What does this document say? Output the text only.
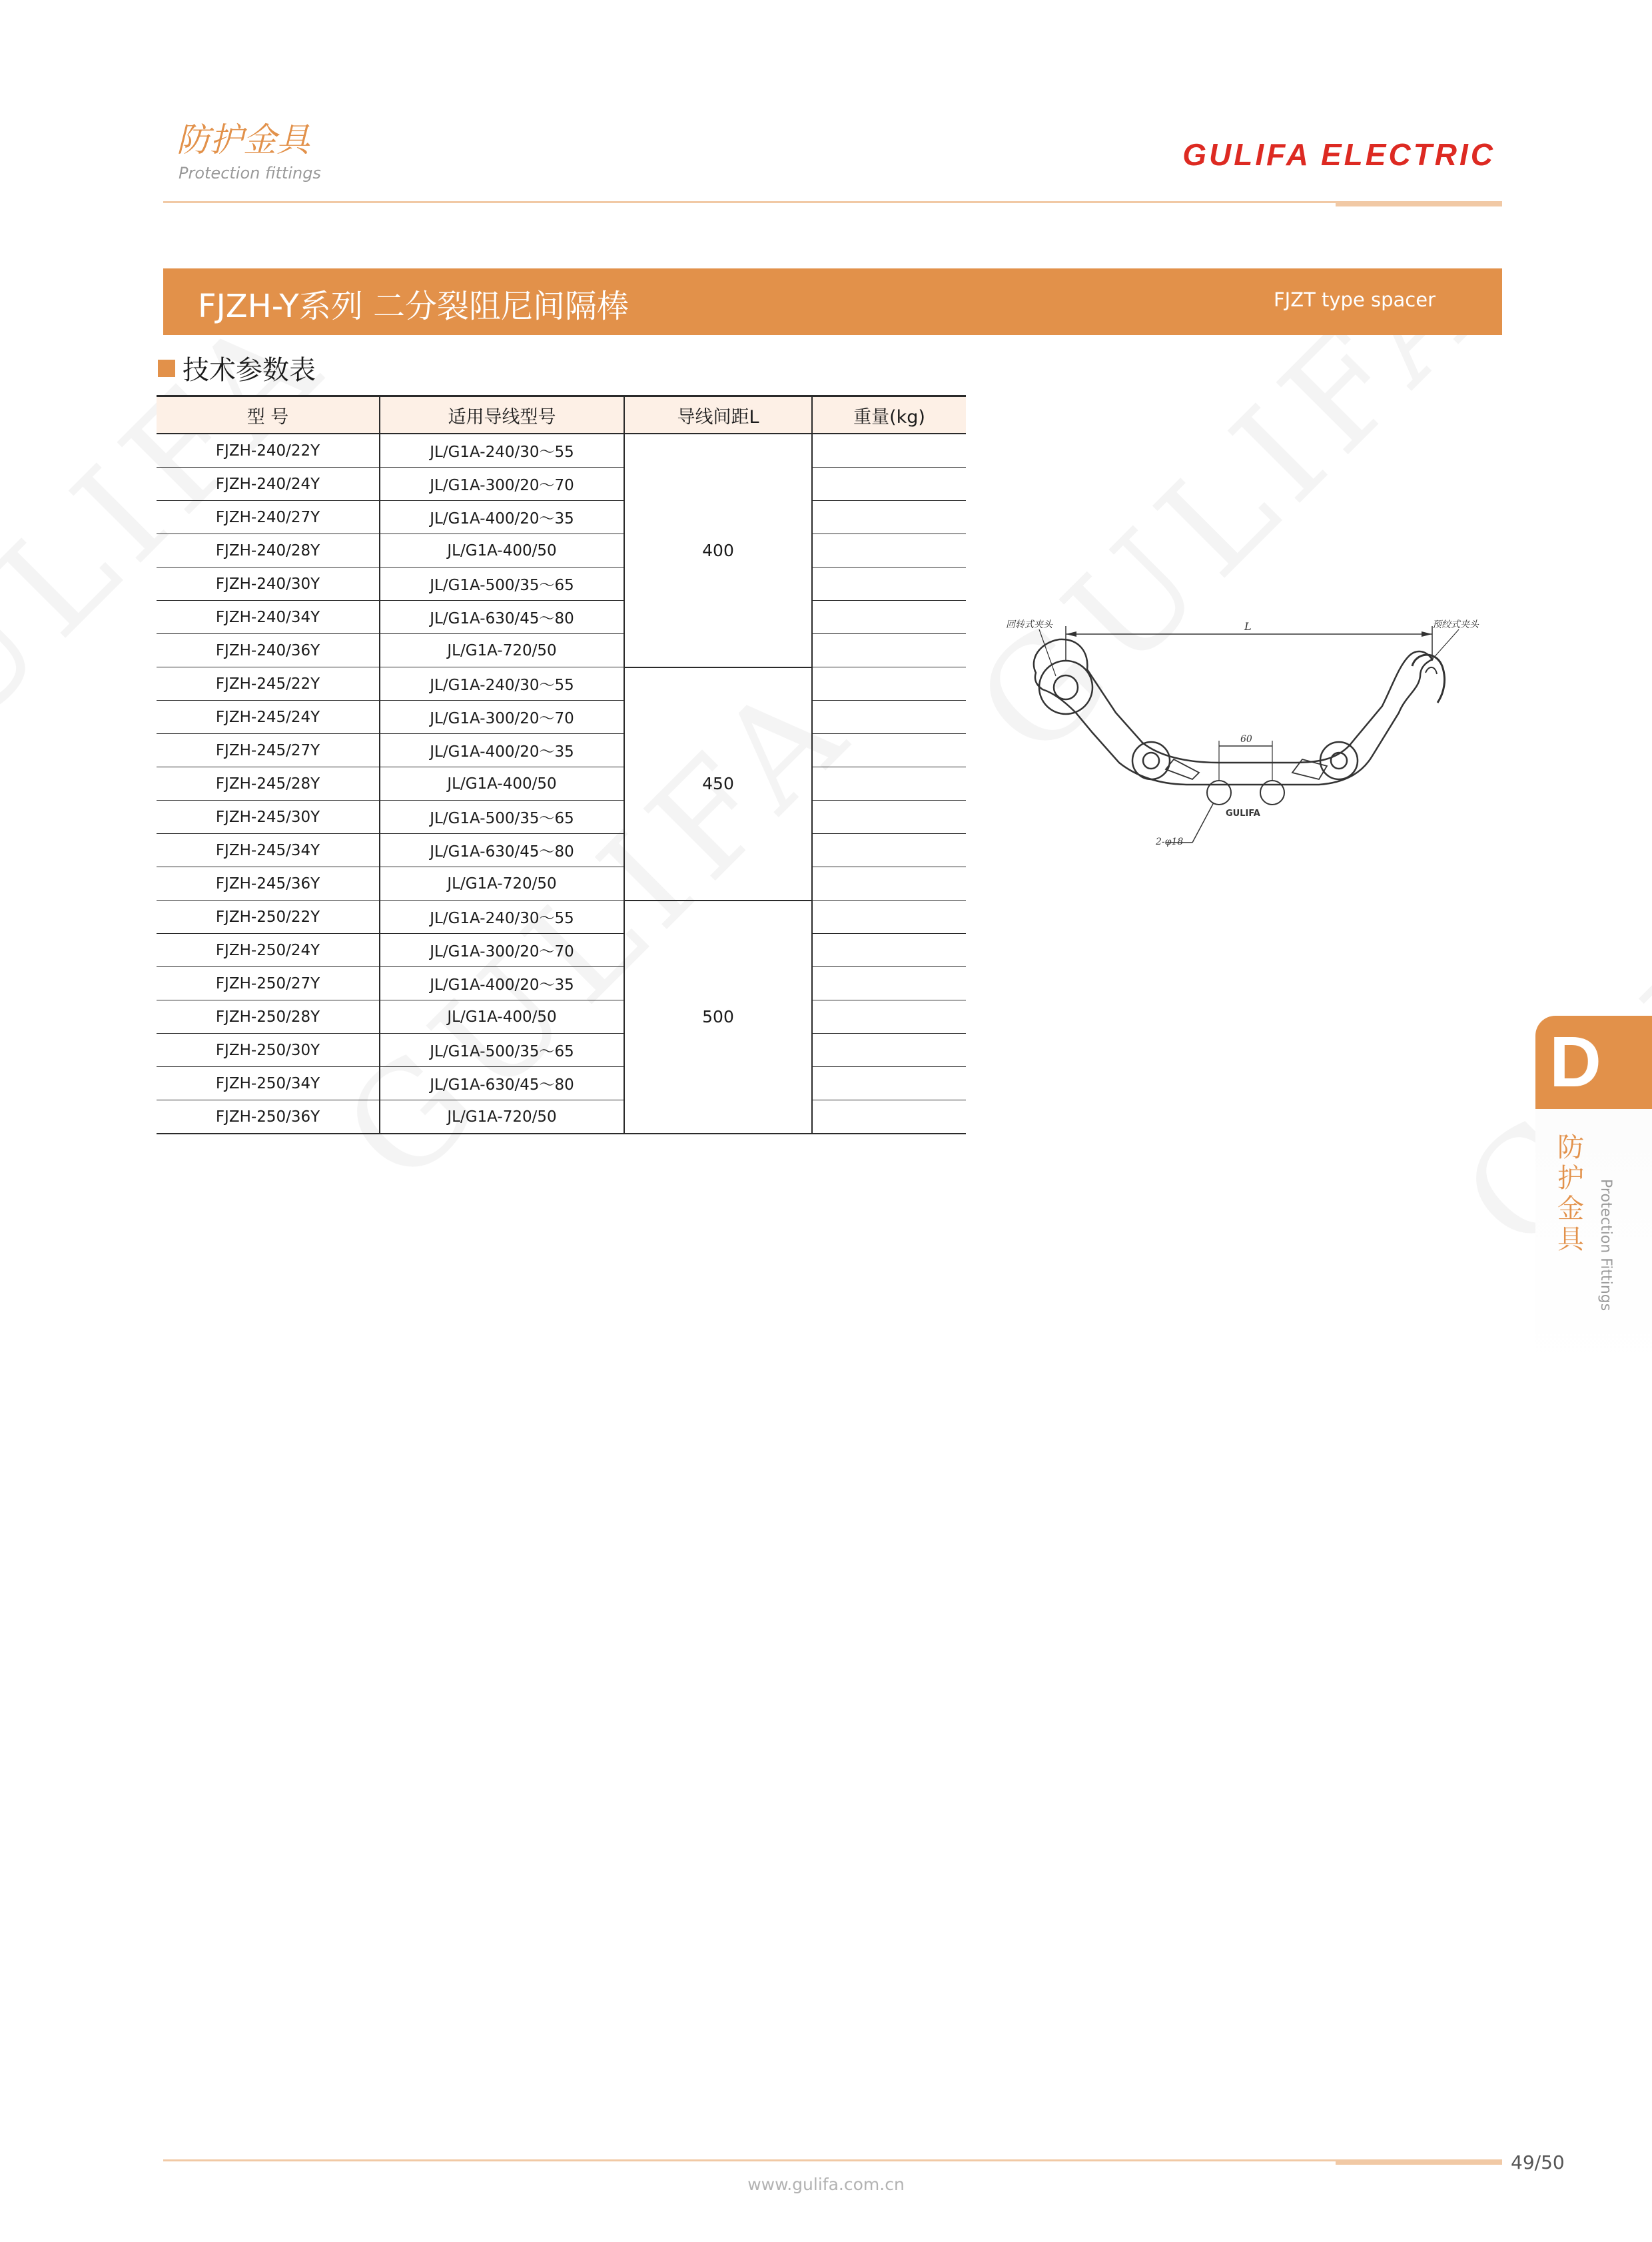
防护金具
Protection fittings
GULIFA ELECTRIC
FJZH-Y系列 二分裂阻尼间隔棒	FJZT type spacer
技术参数表
型 号	适用导线型号	导线间距L	重量(kg)
FJZH-240/22Y	JL/G1A-240/30～55	400	
FJZH-240/24Y	JL/G1A-300/20～70		
FJZH-240/27Y	JL/G1A-400/20～35		
FJZH-240/28Y	JL/G1A-400/50		
FJZH-240/30Y	JL/G1A-500/35～65		
FJZH-240/34Y	JL/G1A-630/45～80		
FJZH-240/36Y	JL/G1A-720/50		
FJZH-245/22Y	JL/G1A-240/30～55	450	
FJZH-245/24Y	JL/G1A-300/20～70		
FJZH-245/27Y	JL/G1A-400/20～35		
FJZH-245/28Y	JL/G1A-400/50		
FJZH-245/30Y	JL/G1A-500/35～65		
FJZH-245/34Y	JL/G1A-630/45～80		
FJZH-245/36Y	JL/G1A-720/50		
FJZH-250/22Y	JL/G1A-240/30～55	500	
FJZH-250/24Y	JL/G1A-300/20～70		
FJZH-250/27Y	JL/G1A-400/20～35		
FJZH-250/28Y	JL/G1A-400/50		
FJZH-250/30Y	JL/G1A-500/35～65		
FJZH-250/34Y	JL/G1A-630/45～80		
FJZH-250/36Y	JL/G1A-720/50		
回转式夹头	预绞式夹头
L
60
2-φ18
GULIFA
D
防护金具 Protection Fittings
49/50
www.gulifa.com.cn
